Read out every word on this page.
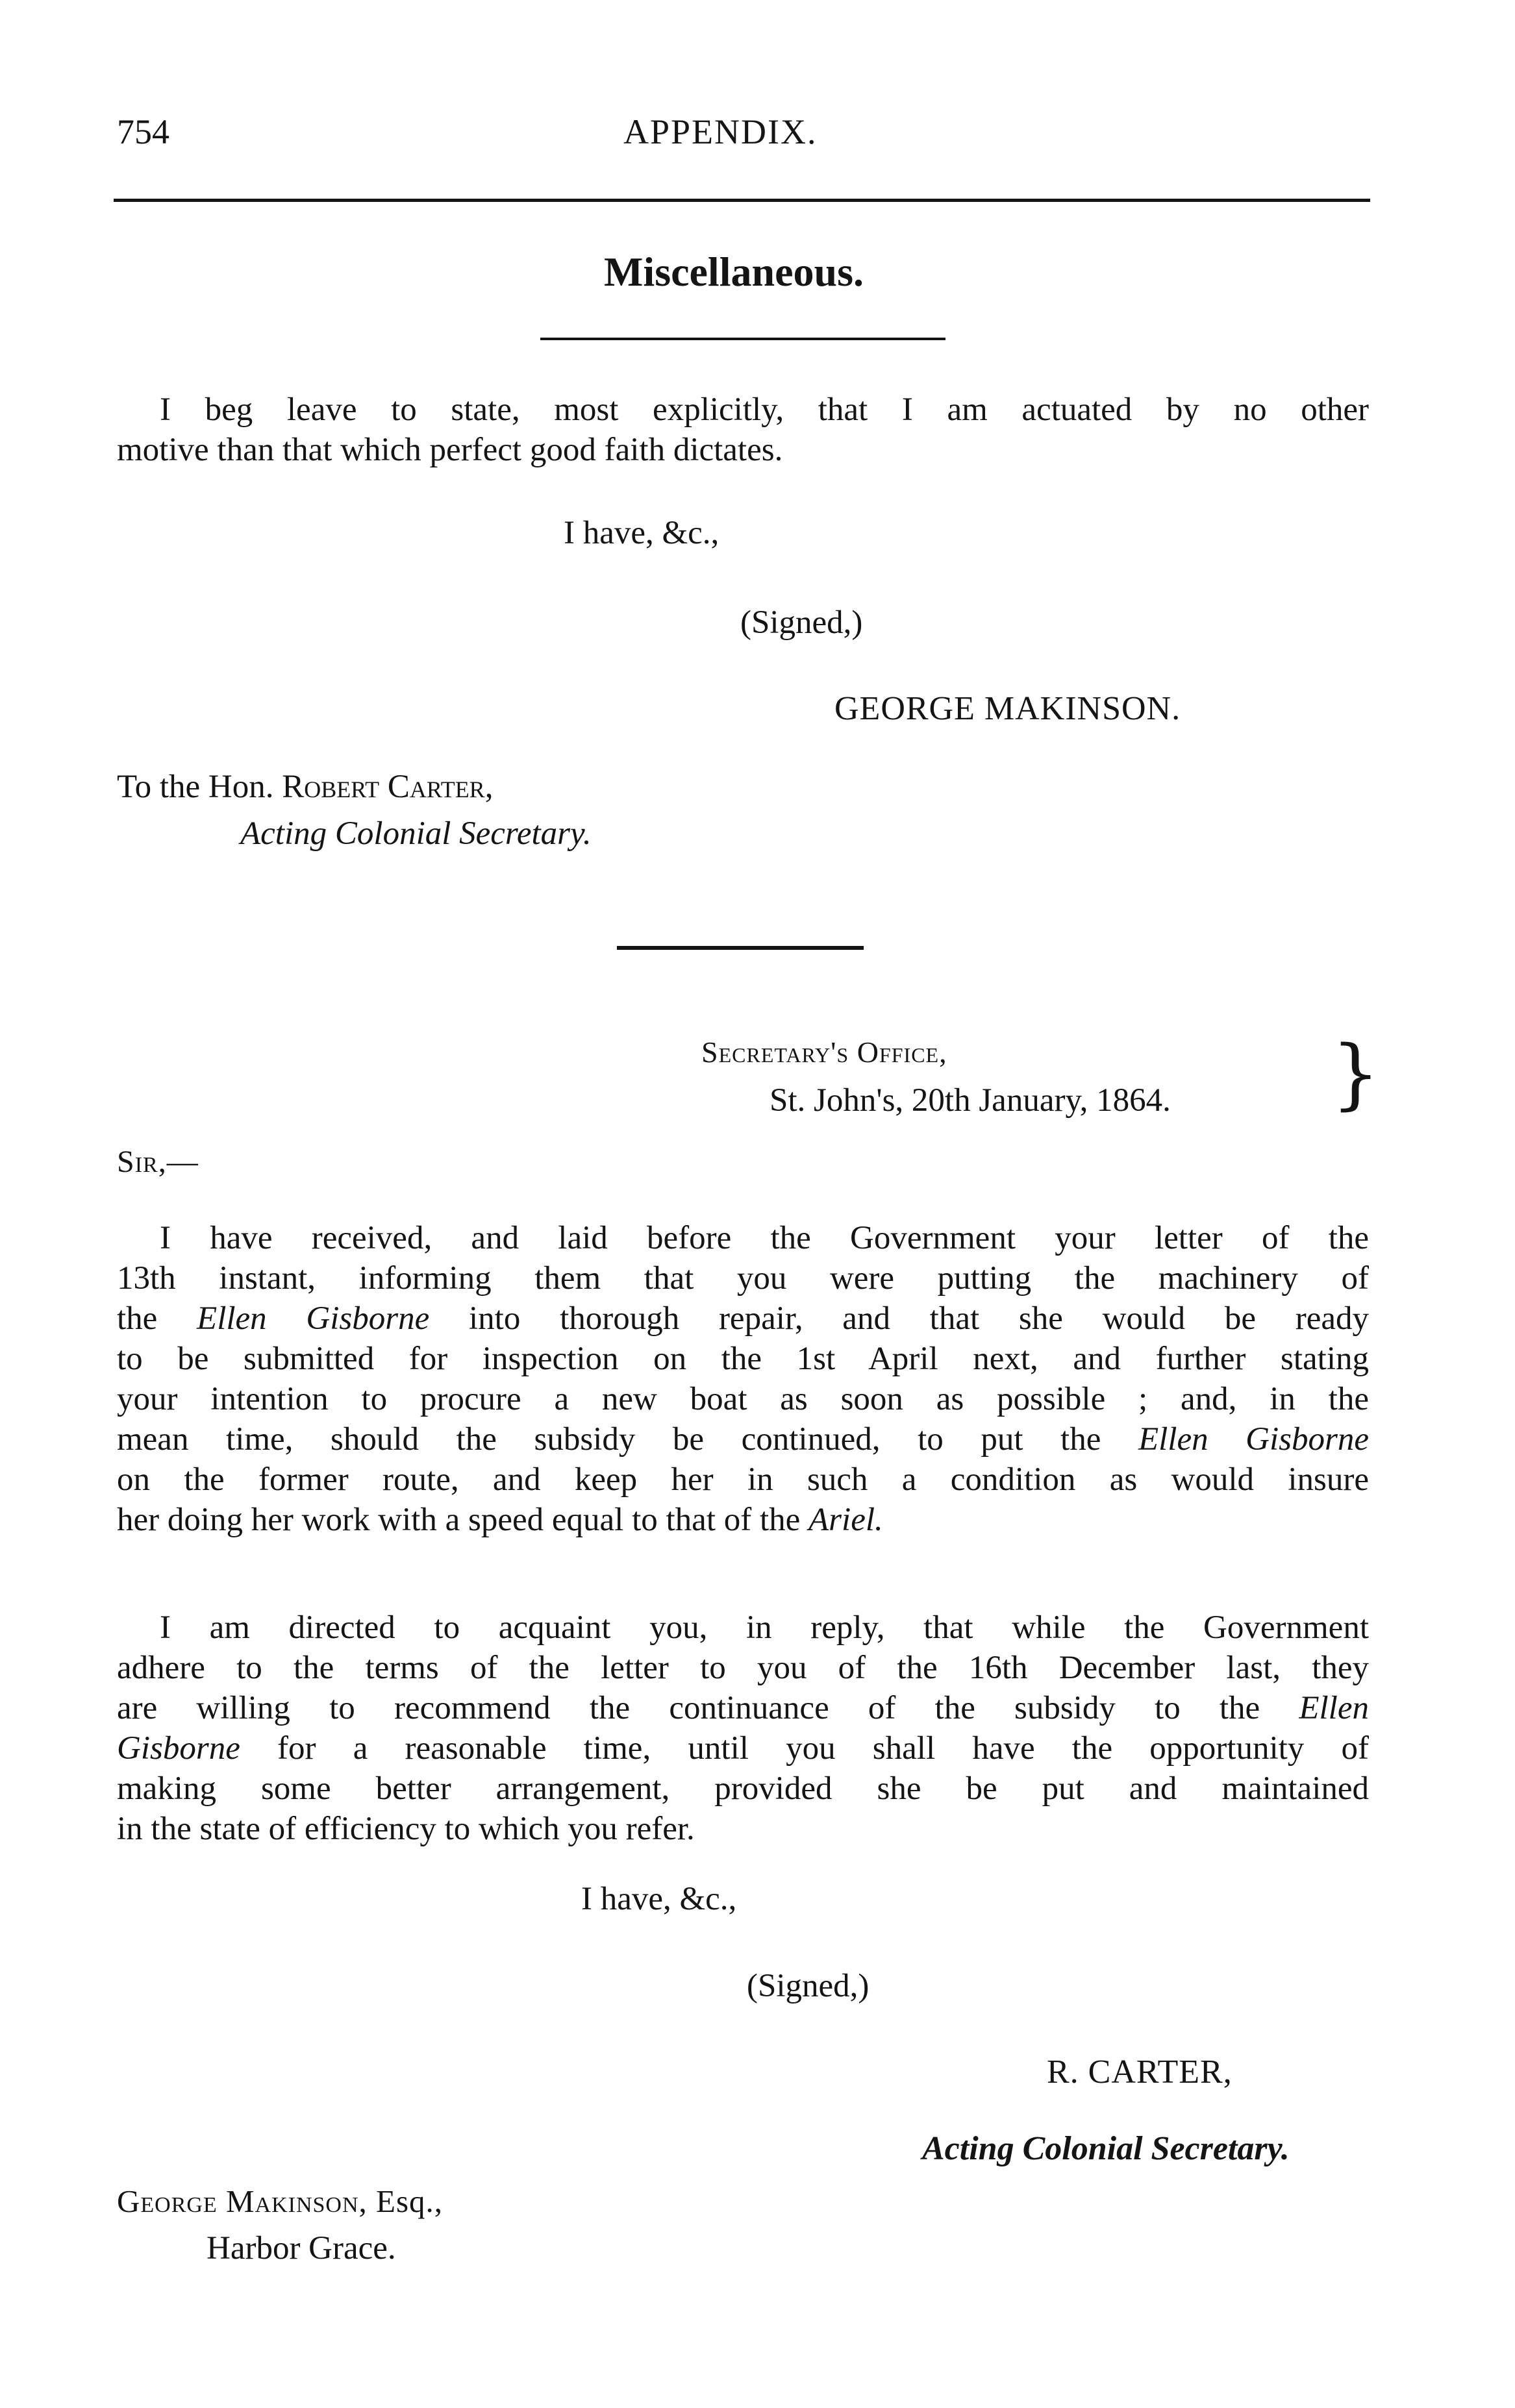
754	APPENDIX.
Miscellaneous.
I beg leave to state, most explicitly, that I am actuated by no other
motive than that which perfect good faith dictates.
I have, &c.,
(Signed,)
GEORGE MAKINSON.
To the Hon. Robert Carter,
Acting Colonial Secretary.
Secretary's Office,
St. John's, 20th January, 1864. }
Sir,—
I have received, and laid before the Government your letter of the
13th instant, informing them that you were putting the machinery of
the Ellen Gisborne into thorough repair, and that she would be ready
to be submitted for inspection on the 1st April next, and further stating
your intention to procure a new boat as soon as possible ; and, in the
mean time, should the subsidy be continued, to put the Ellen Gisborne
on the former route, and keep her in such a condition as would insure
her doing her work with a speed equal to that of the Ariel.
I am directed to acquaint you, in reply, that while the Government
adhere to the terms of the letter to you of the 16th December last, they
are willing to recommend the continuance of the subsidy to the Ellen
Gisborne for a reasonable time, until you shall have the opportunity of
making some better arrangement, provided she be put and maintained
in the state of efficiency to which you refer.
I have, &c.,
(Signed,)
R. CARTER,
Acting Colonial Secretary.
George Makinson, Esq.,
Harbor Grace.
